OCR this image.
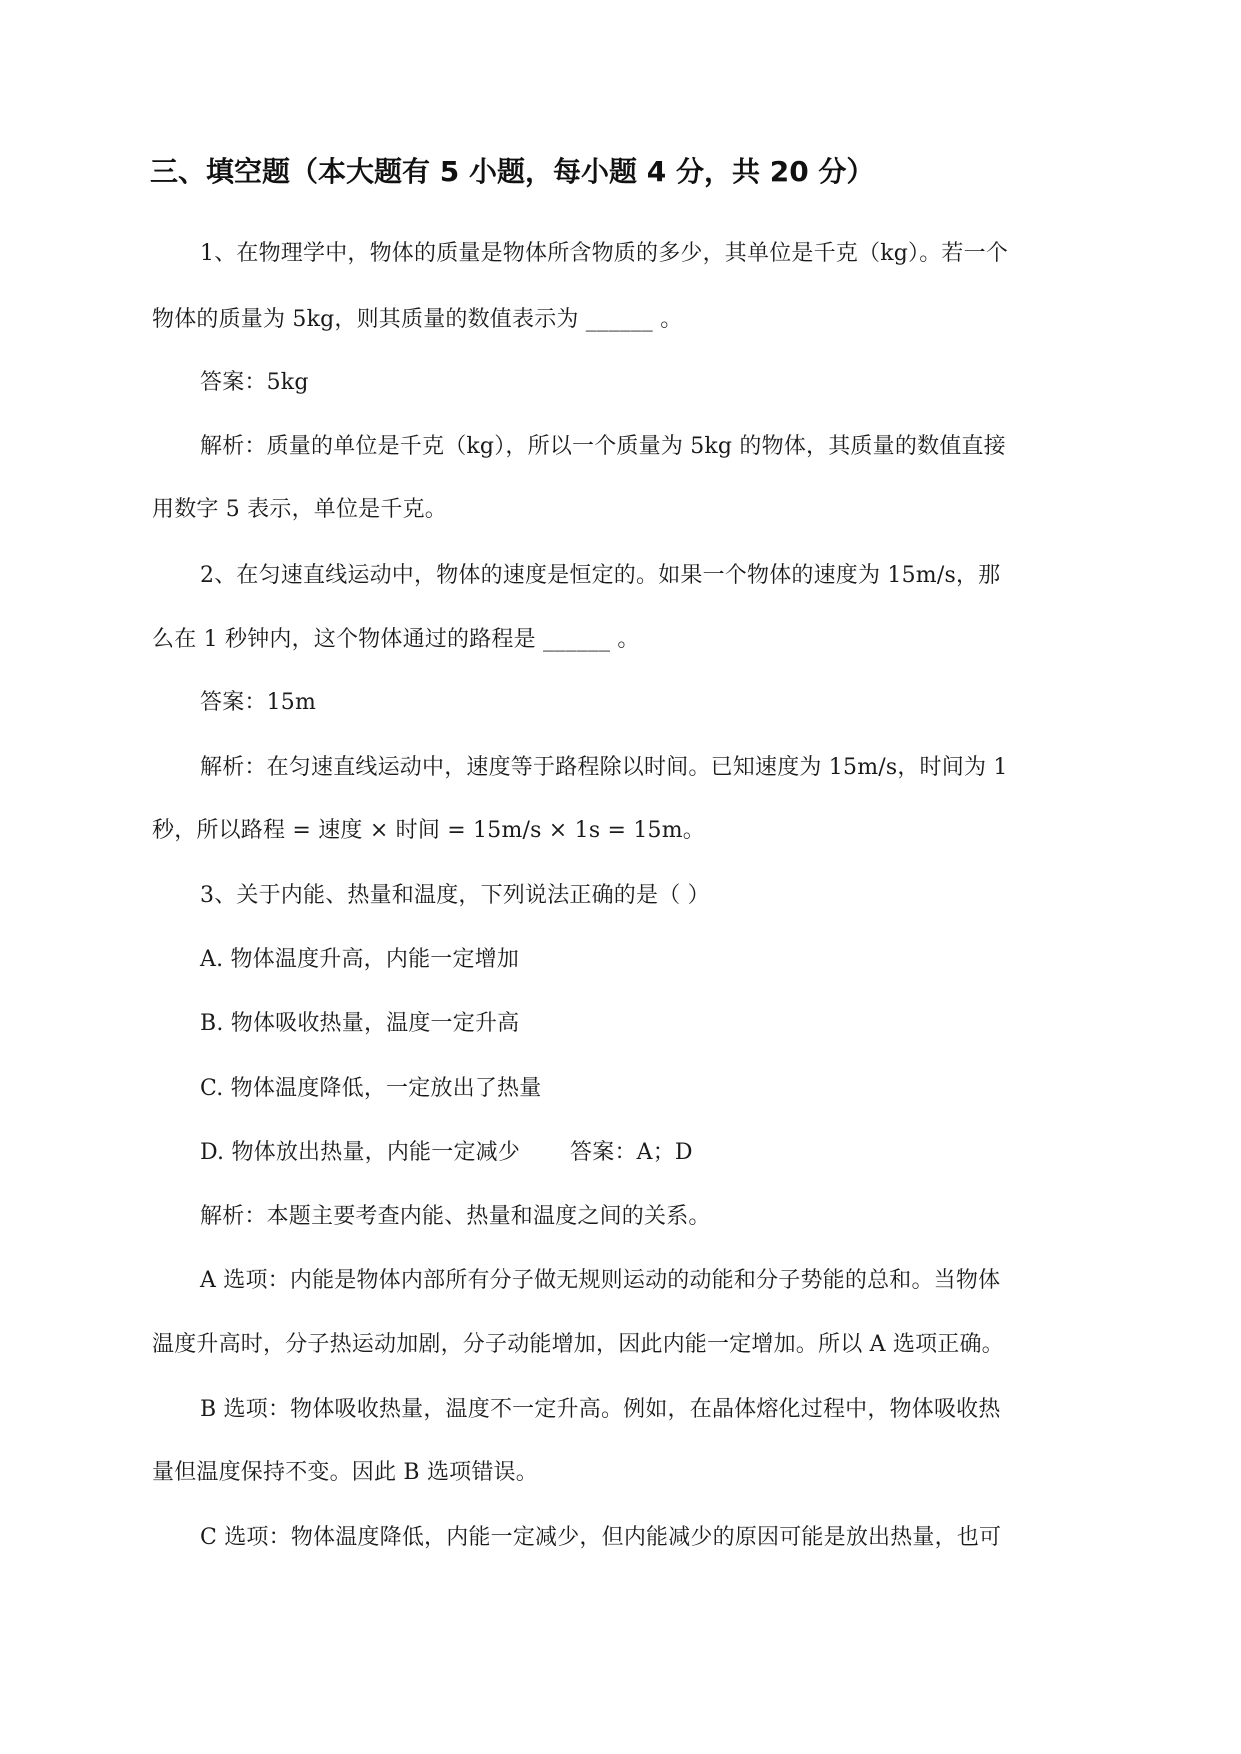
三、填空题（本大题有 5 小题，每小题 4 分，共 20 分）
1、在物理学中，物体的质量是物体所含物质的多少，其单位是千克（kg）。若一个
物体的质量为 5kg，则其质量的数值表示为 ______ 。
答案：5kg
解析：质量的单位是千克（kg），所以一个质量为 5kg 的物体，其质量的数值直接
用数字 5 表示，单位是千克。
2、在匀速直线运动中，物体的速度是恒定的。如果一个物体的速度为 15m/s，那
么在 1 秒钟内，这个物体通过的路程是 ______ 。
答案：15m
解析：在匀速直线运动中，速度等于路程除以时间。已知速度为 15m/s，时间为 1
秒，所以路程 = 速度 × 时间 = 15m/s × 1s = 15m。
3、关于内能、热量和温度，下列说法正确的是（ ）
A. 物体温度升高，内能一定增加
B. 物体吸收热量，温度一定升高
C. 物体温度降低，一定放出了热量
D. 物体放出热量，内能一定减少 答案：A；D
解析：本题主要考查内能、热量和温度之间的关系。
A 选项：内能是物体内部所有分子做无规则运动的动能和分子势能的总和。当物体
温度升高时，分子热运动加剧，分子动能增加，因此内能一定增加。所以 A 选项正确。
B 选项：物体吸收热量，温度不一定升高。例如，在晶体熔化过程中，物体吸收热
量但温度保持不变。因此 B 选项错误。
C 选项：物体温度降低，内能一定减少，但内能减少的原因可能是放出热量，也可
